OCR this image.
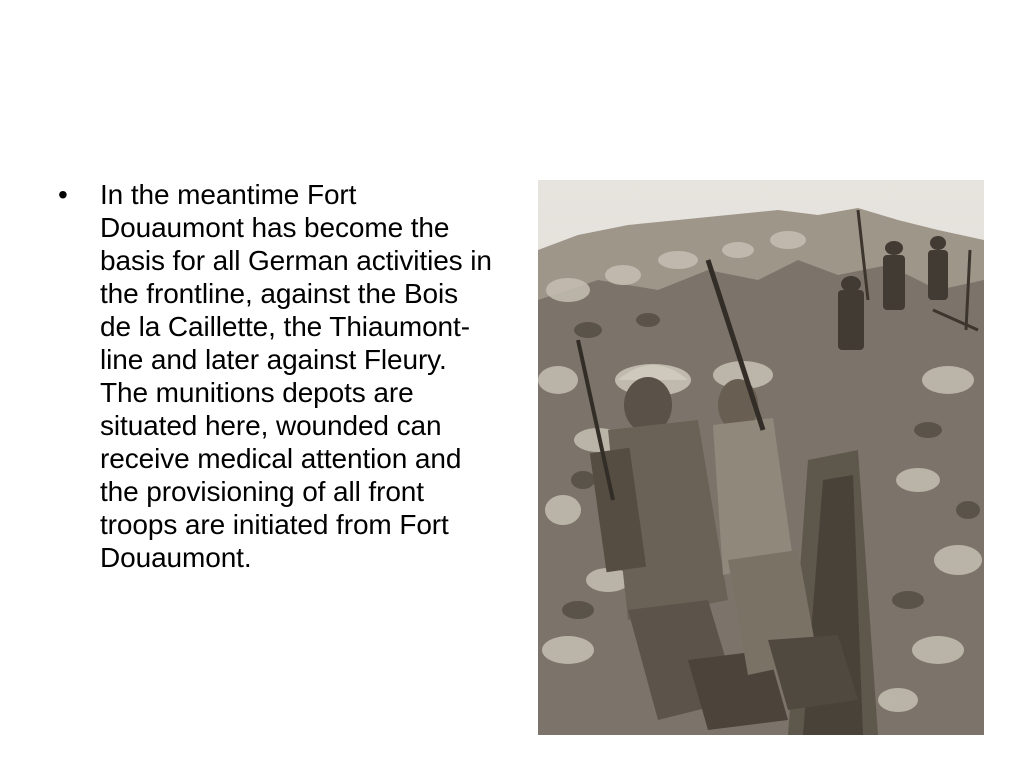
•	In the meantime Fort Douaumont has become the basis for all German activities in the frontline, against the Bois de la Caillette, the Thiaumont-line and later against Fleury. The munitions depots are situated here, wounded can receive medical attention and the provisioning of all front troops are initiated from Fort Douaumont.
